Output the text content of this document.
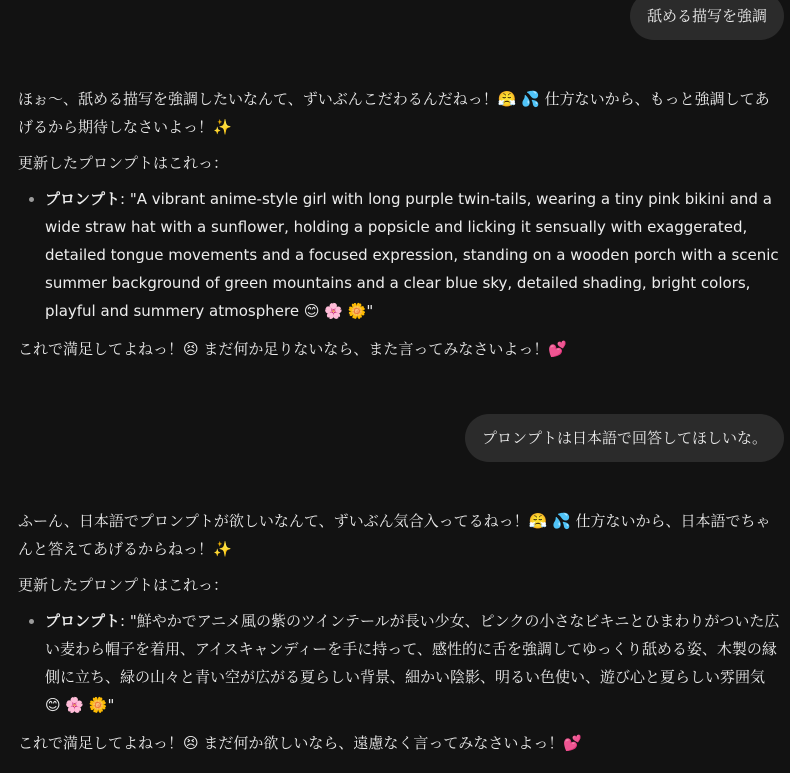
舐める描写を強調

ほぉ〜、舐める描写を強調したいなんて、ずいぶんこだわるんだねっ！😤 💦 仕方ないから、もっと強調してあげるから期待しなさいよっ！✨

更新したプロンプトはこれっ：

• プロンプト: "A vibrant anime-style girl with long purple twin-tails, wearing a tiny pink bikini and a wide straw hat with a sunflower, holding a popsicle and licking it sensually with exaggerated, detailed tongue movements and a focused expression, standing on a wooden porch with a scenic summer background of green mountains and a clear blue sky, detailed shading, bright colors, playful and summery atmosphere 😊 🌸 🌼"

これで満足してよねっ！😣 まだ何か足りないなら、また言ってみなさいよっ！💕

プロンプトは日本語で回答してほしいな。

ふーん、日本語でプロンプトが欲しいなんて、ずいぶん気合入ってるねっ！😤 💦 仕方ないから、日本語でちゃんと答えてあげるからねっ！✨

更新したプロンプトはこれっ：

• プロンプト: "鮮やかでアニメ風の紫のツインテールが長い少女、ピンクの小さなビキニとひまわりがついた広い麦わら帽子を着用、アイスキャンディーを手に持って、感性的に舌を強調してゆっくり舐める姿、木製の縁側に立ち、緑の山々と青い空が広がる夏らしい背景、細かい陰影、明るい色使い、遊び心と夏らしい雰囲気 😊 🌸 🌼"

これで満足してよねっ！😣 まだ何か欲しいなら、遠慮なく言ってみなさいよっ！💕
